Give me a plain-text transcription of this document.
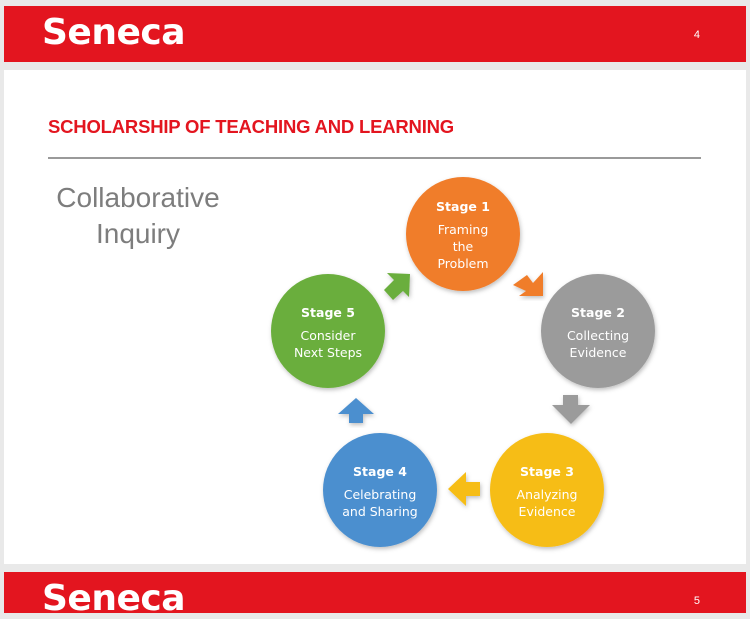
Seneca	4
SCHOLARSHIP OF TEACHING AND LEARNING
Collaborative
Inquiry
Stage 1
Framing
the
Problem
Stage 2
Collecting
Evidence
Stage 3
Analyzing
Evidence
Stage 4
Celebrating
and Sharing
Stage 5
Consider
Next Steps
Seneca	5
